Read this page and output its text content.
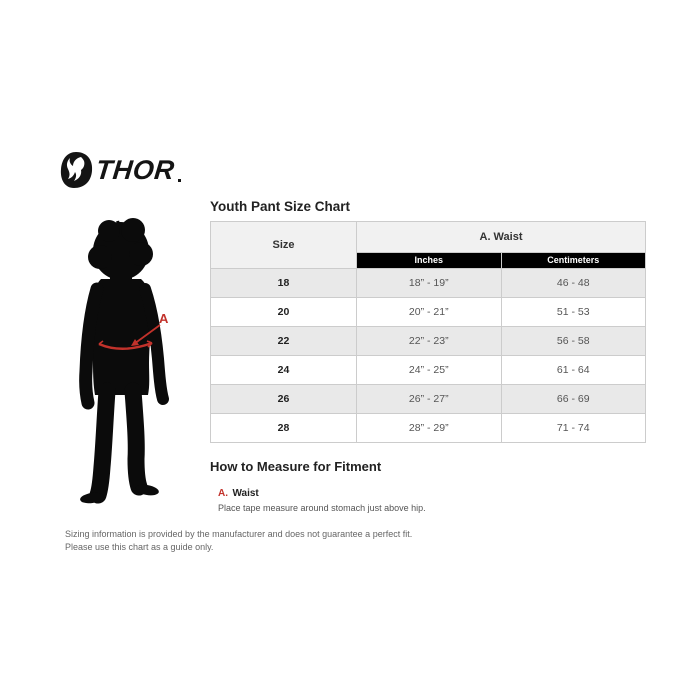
THOR
A
Youth Pant Size Chart
Size	A. Waist	

	Inches	Centimeters

18	18” - 19”	46 - 48
20	20” - 21”	51 - 53
22	22” - 23”	56 - 58
24	24” - 25”	61 - 64
26	26” - 27”	66 - 69
28	28” - 29”	71 - 74
How to Measure for Fitment
A. Waist
Place tape measure around stomach just above hip.
Sizing information is provided by the manufacturer and does not guarantee a perfect fit.
Please use this chart as a guide only.
